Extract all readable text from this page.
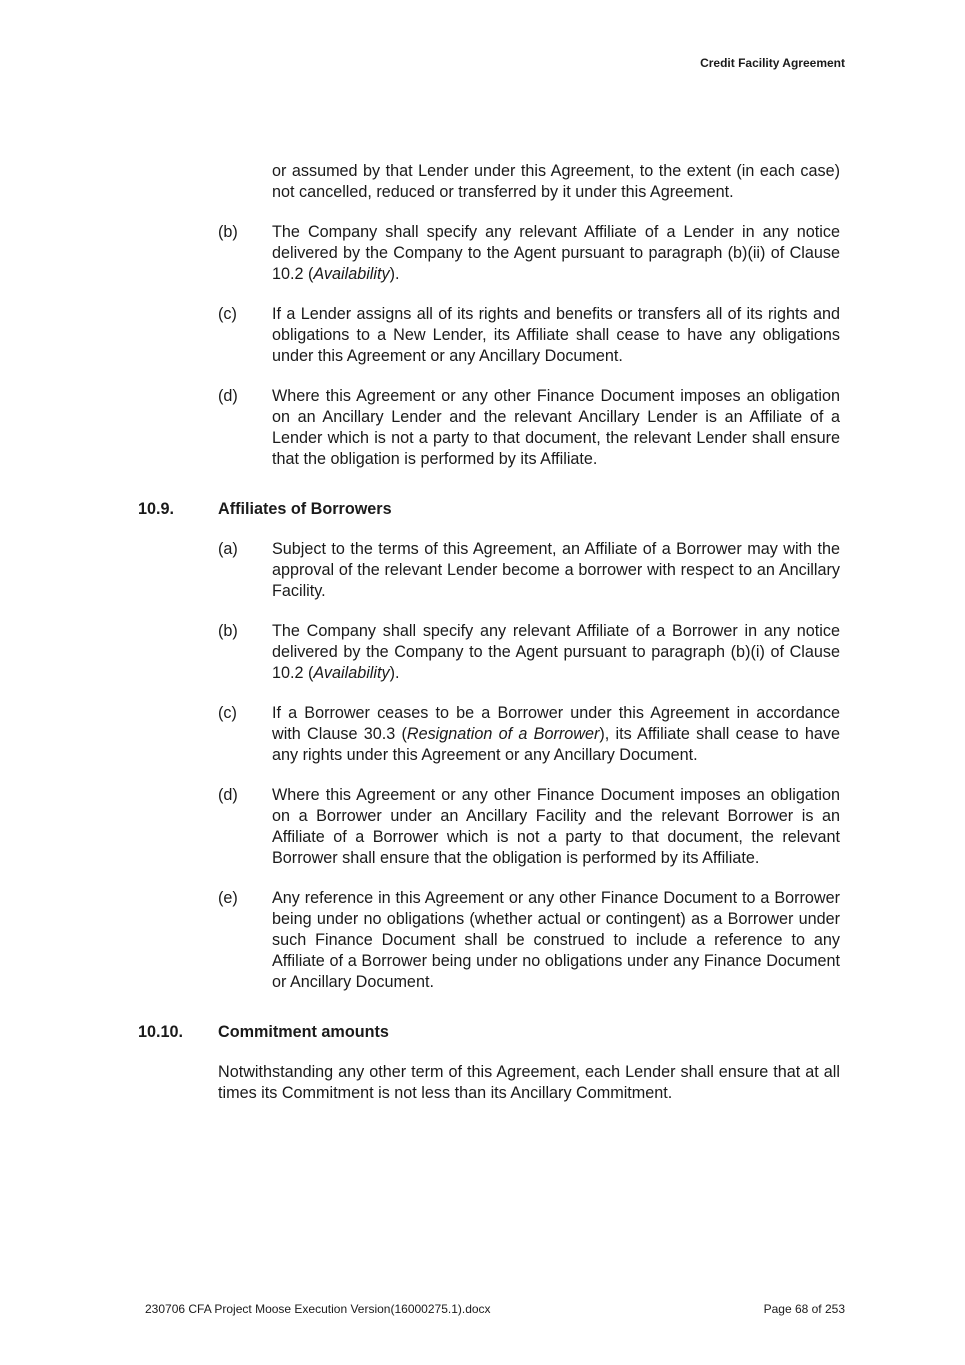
Credit Facility Agreement

or assumed by that Lender under this Agreement, to the extent (in each case) not cancelled, reduced or transferred by it under this Agreement.

(b) The Company shall specify any relevant Affiliate of a Lender in any notice delivered by the Company to the Agent pursuant to paragraph (b)(ii) of Clause 10.2 (Availability).

(c) If a Lender assigns all of its rights and benefits or transfers all of its rights and obligations to a New Lender, its Affiliate shall cease to have any obligations under this Agreement or any Ancillary Document.

(d) Where this Agreement or any other Finance Document imposes an obligation on an Ancillary Lender and the relevant Ancillary Lender is an Affiliate of a Lender which is not a party to that document, the relevant Lender shall ensure that the obligation is performed by its Affiliate.

10.9.	Affiliates of Borrowers
(a) Subject to the terms of this Agreement, an Affiliate of a Borrower may with the approval of the relevant Lender become a borrower with respect to an Ancillary Facility.

(b) The Company shall specify any relevant Affiliate of a Borrower in any notice delivered by the Company to the Agent pursuant to paragraph (b)(i) of Clause 10.2 (Availability).

(c) If a Borrower ceases to be a Borrower under this Agreement in accordance with Clause 30.3 (Resignation of a Borrower), its Affiliate shall cease to have any rights under this Agreement or any Ancillary Document.

(d) Where this Agreement or any other Finance Document imposes an obligation on a Borrower under an Ancillary Facility and the relevant Borrower is an Affiliate of a Borrower which is not a party to that document, the relevant Borrower shall ensure that the obligation is performed by its Affiliate.

(e) Any reference in this Agreement or any other Finance Document to a Borrower being under no obligations (whether actual or contingent) as a Borrower under such Finance Document shall be construed to include a reference to any Affiliate of a Borrower being under no obligations under any Finance Document or Ancillary Document.

10.10. Commitment amounts

Notwithstanding any other term of this Agreement, each Lender shall ensure that at all times its Commitment is not less than its Ancillary Commitment.

230706 CFA Project Moose Execution Version(16000275.1).docx	Page 68 of 253
